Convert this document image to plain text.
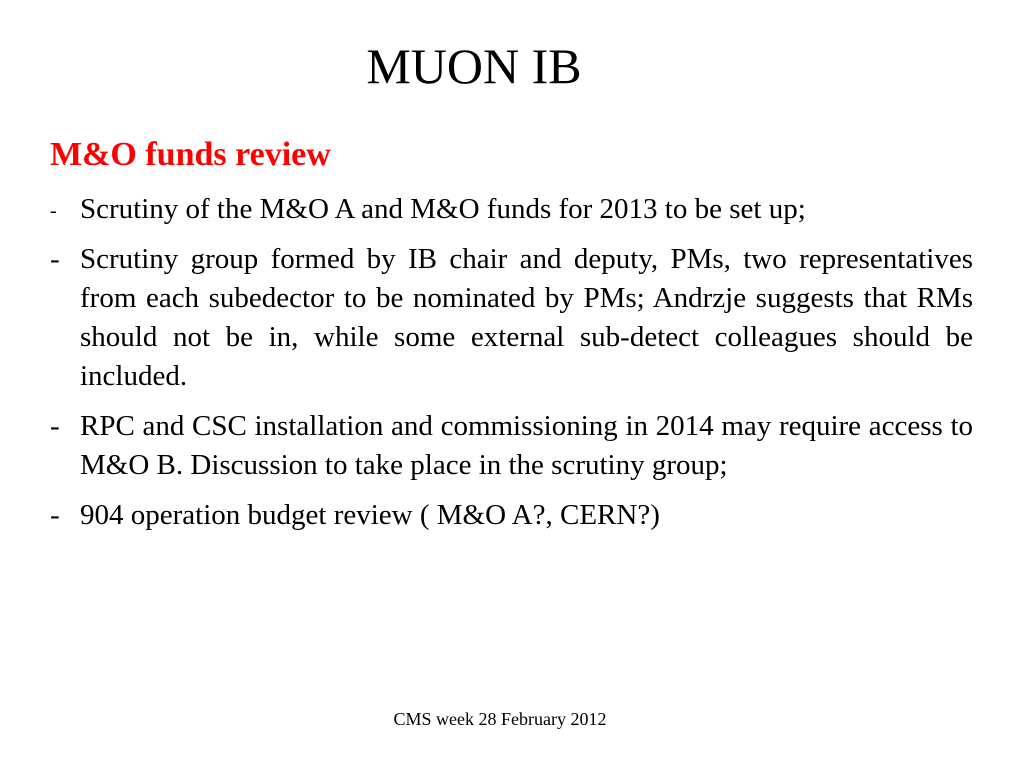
MUON IB
M&O funds review
- Scrutiny of the M&O A and M&O funds for 2013 to be set up;
- Scrutiny group formed by IB chair and deputy, PMs, two representatives from each subedector to be nominated by PMs; Andrzje suggests that RMs should not be in, while some external sub-detect colleagues should be included.
- RPC and CSC installation and commissioning in 2014 may require access to M&O B. Discussion to take place in the scrutiny group;
- 904 operation budget review ( M&O A?, CERN?)
CMS week 28 February 2012
